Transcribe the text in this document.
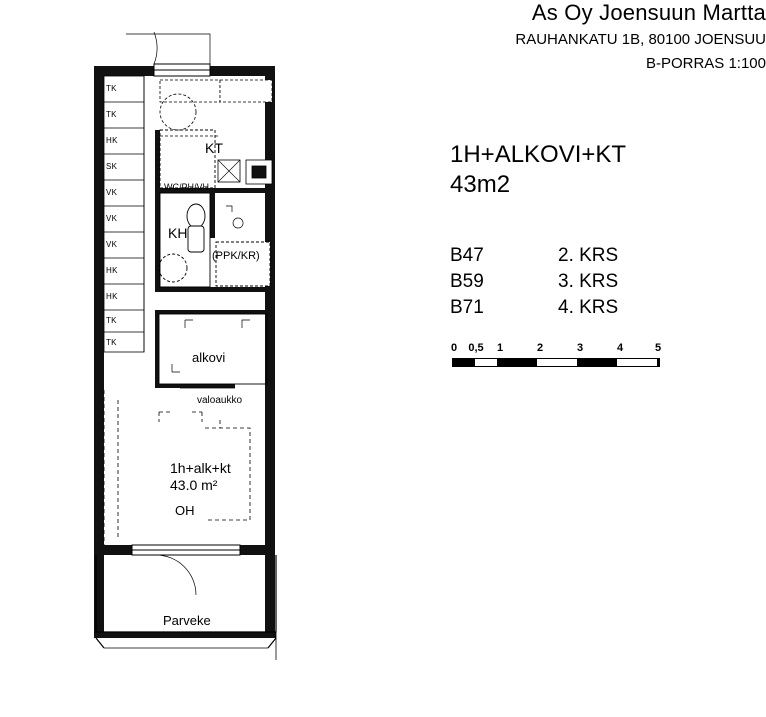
As Oy Joensuun Martta
RAUHANKATU 1B, 80100 JOENSUU
B-PORRAS 1:100
1H+ALKOVI+KT
43m2
B47	2. KRS
B59	3. KRS
B71	4. KRS
0 0,5 1	2	3	4	5
KT
WC/PH/VH
KH
(PPK/KR)
alkovi
valoaukko
1h+alk+kt
43.0 m²
OH
Parveke
TK
TK
HK
SK
VK
VK
VK
HK
HK
TK
TK
